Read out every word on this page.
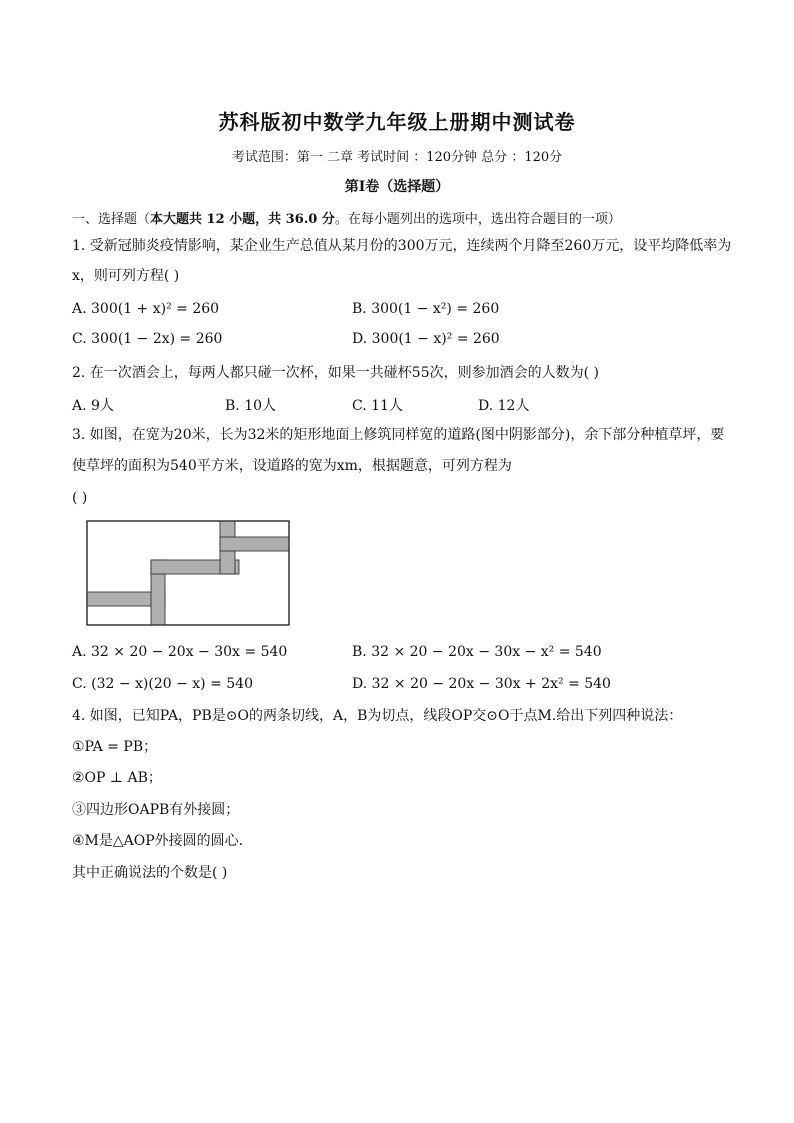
苏科版初中数学九年级上册期中测试卷
考试范围：第一 二章 考试时间 ：120分钟 总分 ：120分
第Ⅰ卷（选择题）
一、选择题（本大题共 12 小题，共 36.0 分。在每小题列出的选项中，选出符合题目的一项）
1. 受新冠肺炎疫情影响，某企业生产总值从某月份的300万元，连续两个月降至260万元，设平均降低率为
x，则可列方程( )
A. 300(1 + x)² = 260	B. 300(1 − x²) = 260
C. 300(1 − 2x) = 260	D. 300(1 − x)² = 260
2. 在一次酒会上，每两人都只碰一次杯，如果一共碰杯55次，则参加酒会的人数为( )
A. 9人	B. 10人	C. 11人	D. 12人
3. 如图，在宽为20米，长为32米的矩形地面上修筑同样宽的道路(图中阴影部分)，余下部分种植草坪，要
使草坪的面积为540平方米，设道路的宽为xm，根据题意，可列方程为
( )
A. 32 × 20 − 20x − 30x = 540	B. 32 × 20 − 20x − 30x − x² = 540
C. (32 − x)(20 − x) = 540	D. 32 × 20 − 20x − 30x + 2x² = 540
4. 如图，已知PA，PB是⊙O的两条切线，A，B为切点，线段OP交⊙O于点M.给出下列四种说法：
①PA = PB；
②OP ⊥ AB；
③四边形OAPB有外接圆；
④M是△AOP外接圆的圆心.
其中正确说法的个数是( )
